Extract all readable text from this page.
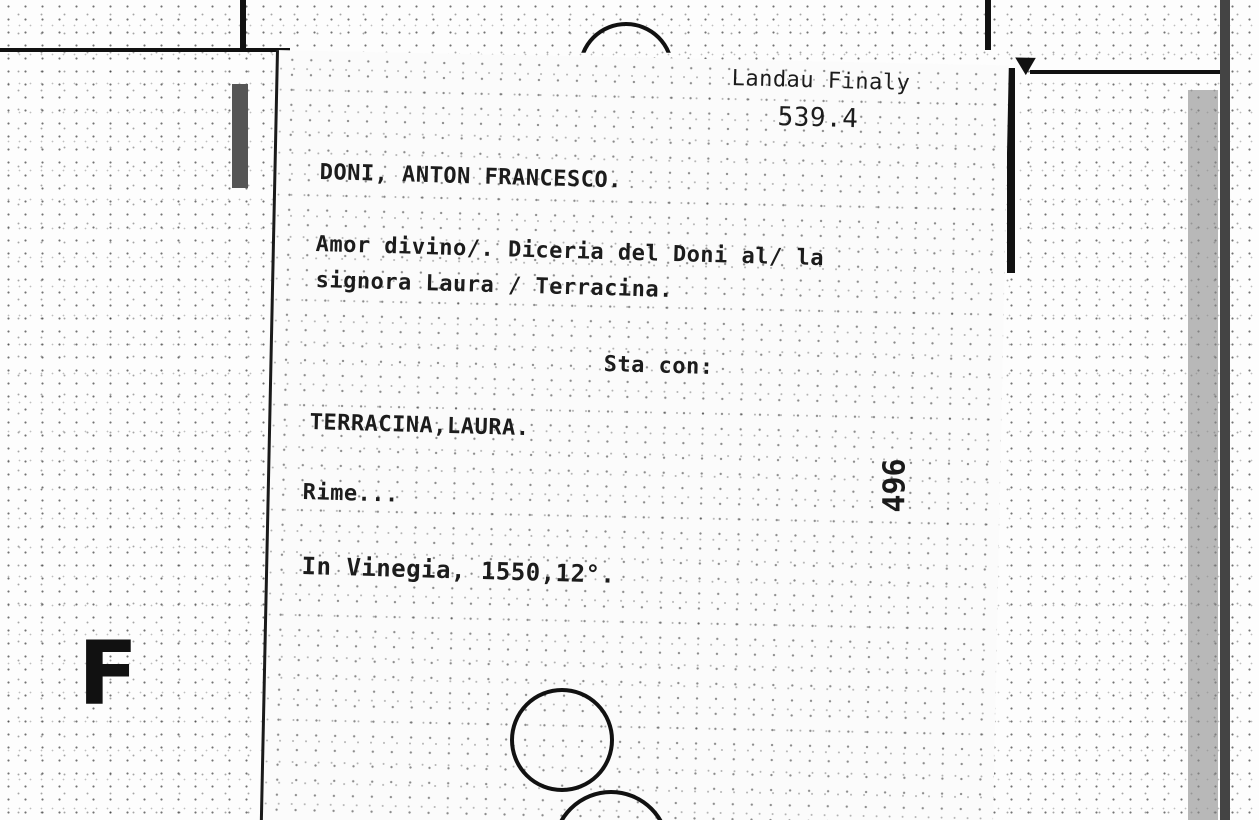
Landau Finaly
539.4
DONI, ANTON FRANCESCO.
Amor divino/. Diceria del Doni al/ la
signora Laura / Terracina.
Sta con:
TERRACINA,LAURA.
Rime...
In Vinegia, 1550,12°.
496
F
